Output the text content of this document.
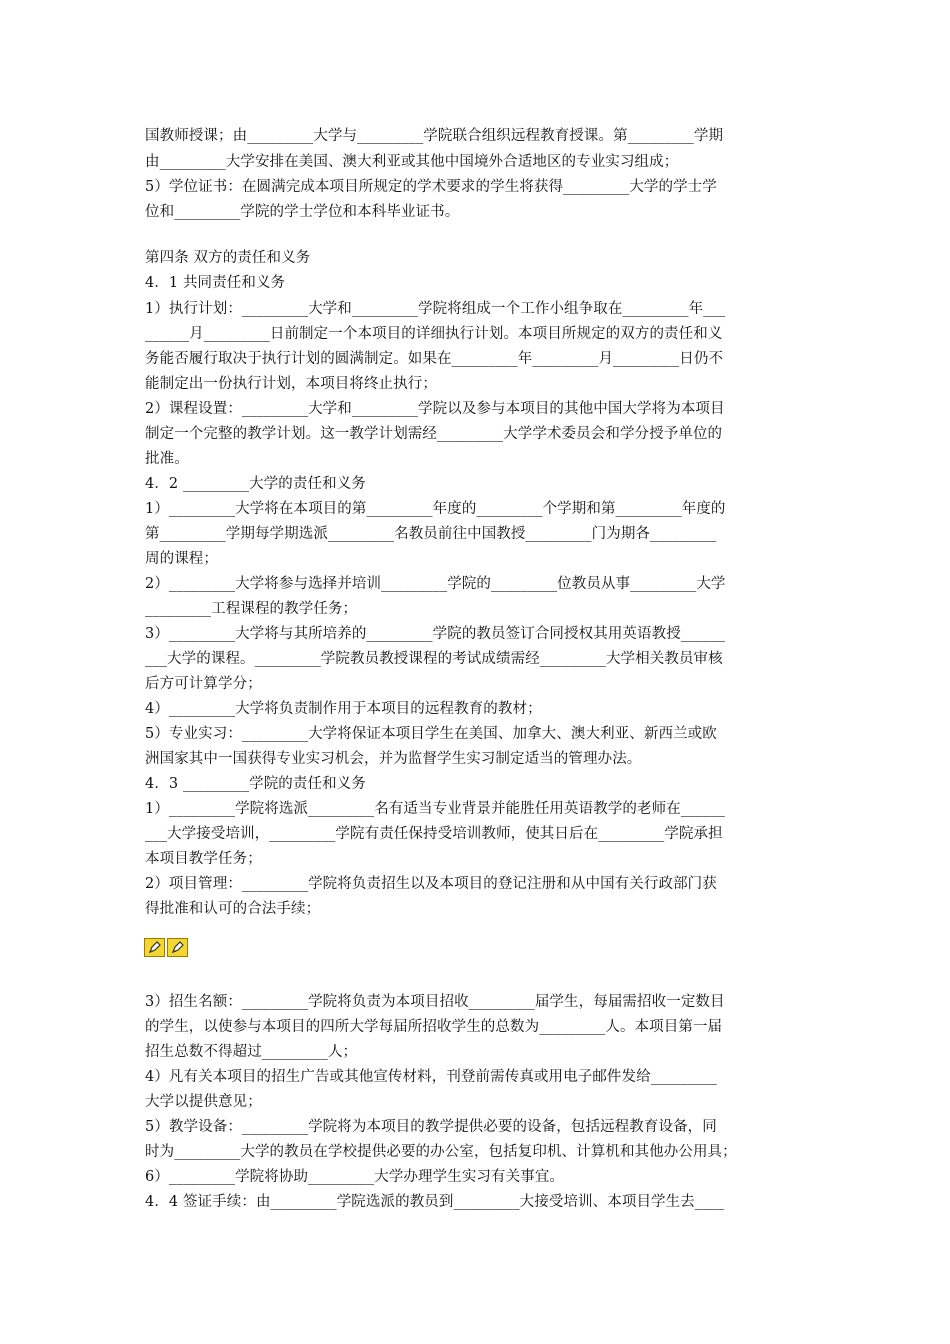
国教师授课；由_________大学与_________学院联合组织远程教育授课。第_________学期
由_________大学安排在美国、澳大利亚或其他中国境外合适地区的专业实习组成；
5）学位证书：在圆满完成本项目所规定的学术要求的学生将获得_________大学的学士学
位和_________学院的学士学位和本科毕业证书。
第四条 双方的责任和义务
4．1 共同责任和义务
1）执行计划：_________大学和_________学院将组成一个工作小组争取在_________年___
______月_________日前制定一个本项目的详细执行计划。本项目所规定的双方的责任和义
务能否履行取决于执行计划的圆满制定。如果在_________年_________月_________日仍不
能制定出一份执行计划，本项目将终止执行；
2）课程设置：_________大学和_________学院以及参与本项目的其他中国大学将为本项目
制定一个完整的教学计划。这一教学计划需经_________大学学术委员会和学分授予单位的
批准。
4．2 _________大学的责任和义务
1）_________大学将在本项目的第_________年度的_________个学期和第_________年度的
第_________学期每学期选派_________名教员前往中国教授_________门为期各_________
周的课程；
2）_________大学将参与选择并培训_________学院的_________位教员从事_________大学
_________工程课程的教学任务；
3）_________大学将与其所培养的_________学院的教员签订合同授权其用英语教授______
___大学的课程。_________学院教员教授课程的考试成绩需经_________大学相关教员审核
后方可计算学分；
4）_________大学将负责制作用于本项目的远程教育的教材；
5）专业实习：_________大学将保证本项目学生在美国、加拿大、澳大利亚、新西兰或欧
洲国家其中一国获得专业实习机会，并为监督学生实习制定适当的管理办法。
4．3 _________学院的责任和义务
1）_________学院将选派_________名有适当专业背景并能胜任用英语教学的老师在______
___大学接受培训，_________学院有责任保持受培训教师，使其日后在_________学院承担
本项目教学任务；
2）项目管理：_________学院将负责招生以及本项目的登记注册和从中国有关行政部门获
得批准和认可的合法手续；
3）招生名额：_________学院将负责为本项目招收_________届学生，每届需招收一定数目
的学生，以使参与本项目的四所大学每届所招收学生的总数为_________人。本项目第一届
招生总数不得超过_________人；
4）凡有关本项目的招生广告或其他宣传材料，刊登前需传真或用电子邮件发给_________
大学以提供意见；
5）教学设备：_________学院将为本项目的教学提供必要的设备，包括远程教育设备，同
时为_________大学的教员在学校提供必要的办公室，包括复印机、计算机和其他办公用具；
6）_________学院将协助_________大学办理学生实习有关事宜。
4．4 签证手续：由_________学院选派的教员到_________大接受培训、本项目学生去____
